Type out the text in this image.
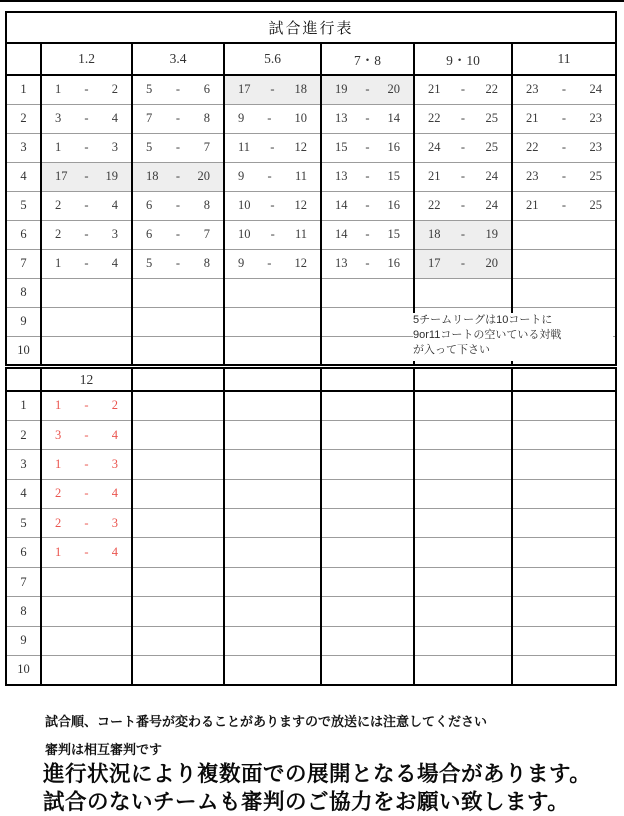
試合進行表						
	1.2	3.4	5.6	7・8	9・10	11
1	1 - 2	5 - 6	17 - 18	19 - 20	21 - 22	23 - 24

2	3 - 4	7 - 8	9 - 10	13 - 14	22 - 25	21 - 23

3	1 - 3	5 - 7	11 - 12	15 - 16	24 - 25	22 - 23

4	17 - 19	18 - 20	9 - 11	13 - 15	21 - 24	23 - 25

5	2 - 4	6 - 8	10 - 12	14 - 16	22 - 24	21 - 25

6	2 - 3	6 - 7	10 - 11	14 - 15	18 - 19	

7	1 - 4	5 - 8	9 - 12	13 - 16	17 - 20	

8						
9						
10						
	12					
1	1 - 2					

2	3 - 4					

3	1 - 3					

4	2 - 4					

5	2 - 3					

6	1 - 4					

7						
8						
9						
10						
5チームリーグは10コートに
9or11コートの空いている対戦
が入って下さい
試合順、コート番号が変わることがありますので放送には注意してください
審判は相互審判です
進行状況により複数面での展開となる場合があります。
試合のないチームも審判のご協力をお願い致します。
